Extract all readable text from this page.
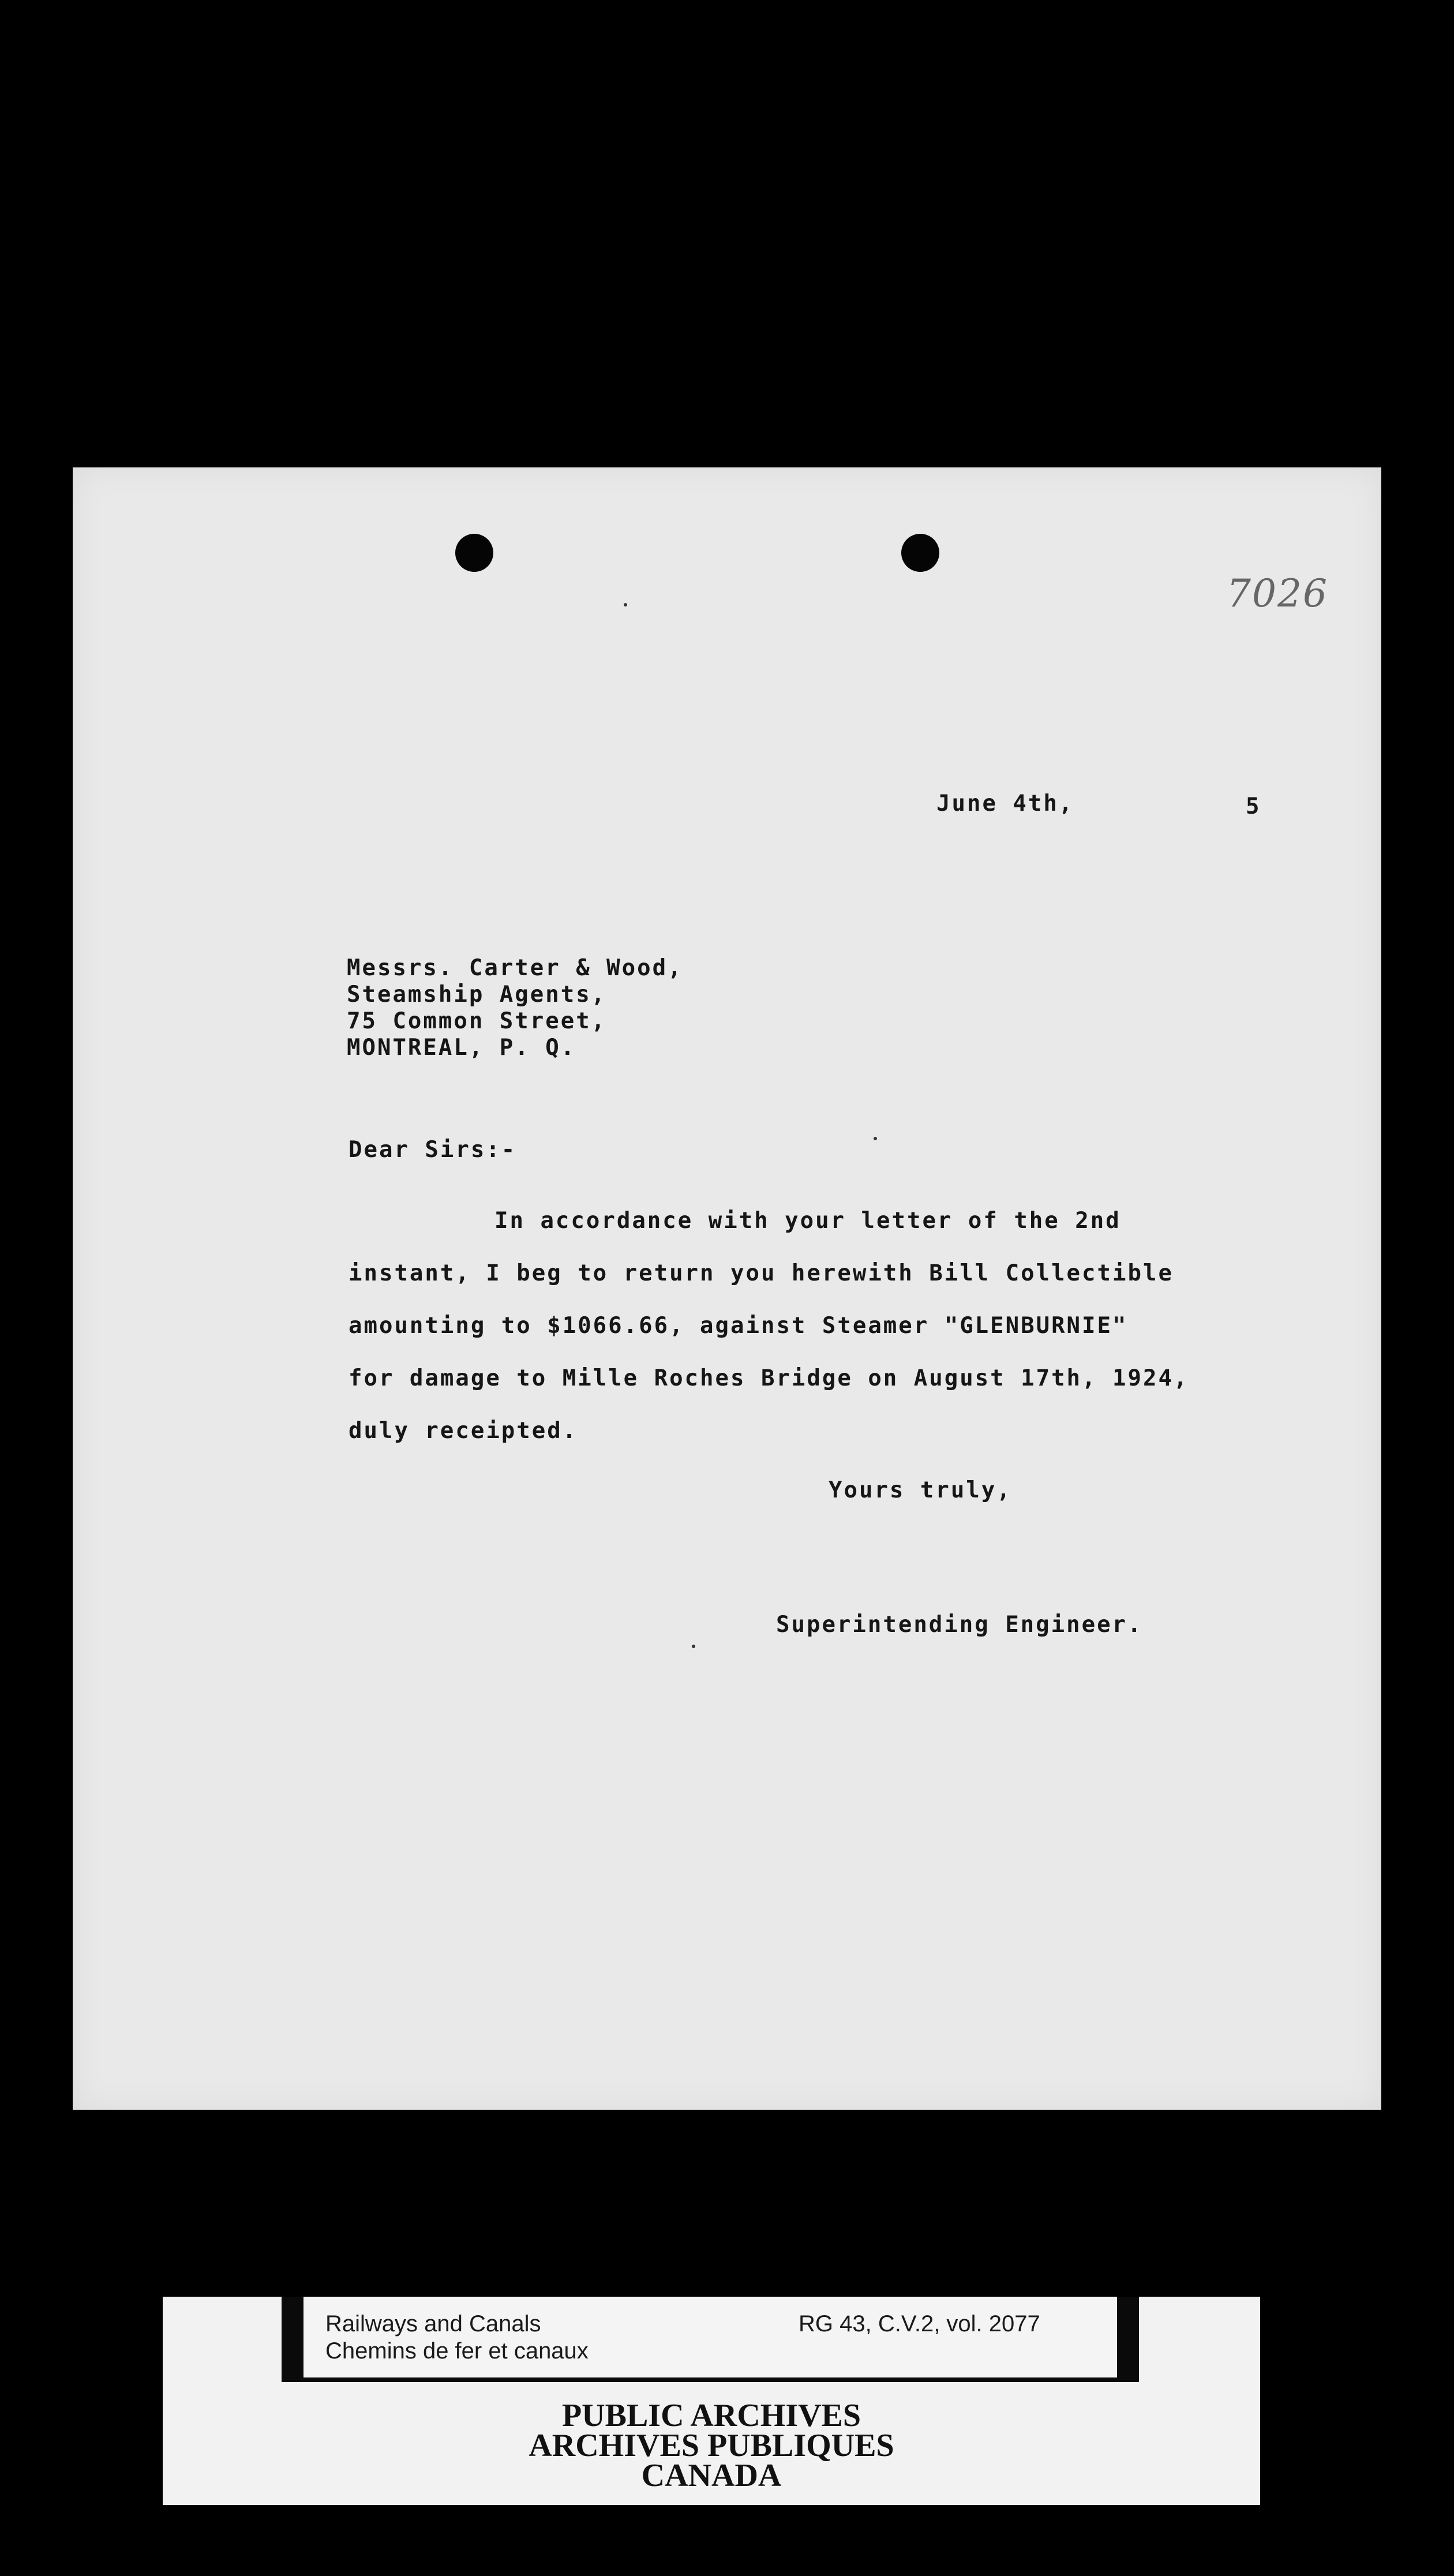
7026
June 4th,	5
Messrs. Carter & Wood,
Steamship Agents,
75 Common Street,
MONTREAL, P. Q.
Dear Sirs:-
In accordance with your letter of the 2nd
instant, I beg to return you herewith Bill Collectible
amounting to $1066.66, against Steamer "GLENBURNIE"
for damage to Mille Roches Bridge on August 17th, 1924,
duly receipted.
Yours truly,
Superintending Engineer.
Railways and Canals
Chemins de fer et canaux
RG 43, C.V.2, vol. 2077
PUBLIC ARCHIVES
ARCHIVES PUBLIQUES
CANADA
